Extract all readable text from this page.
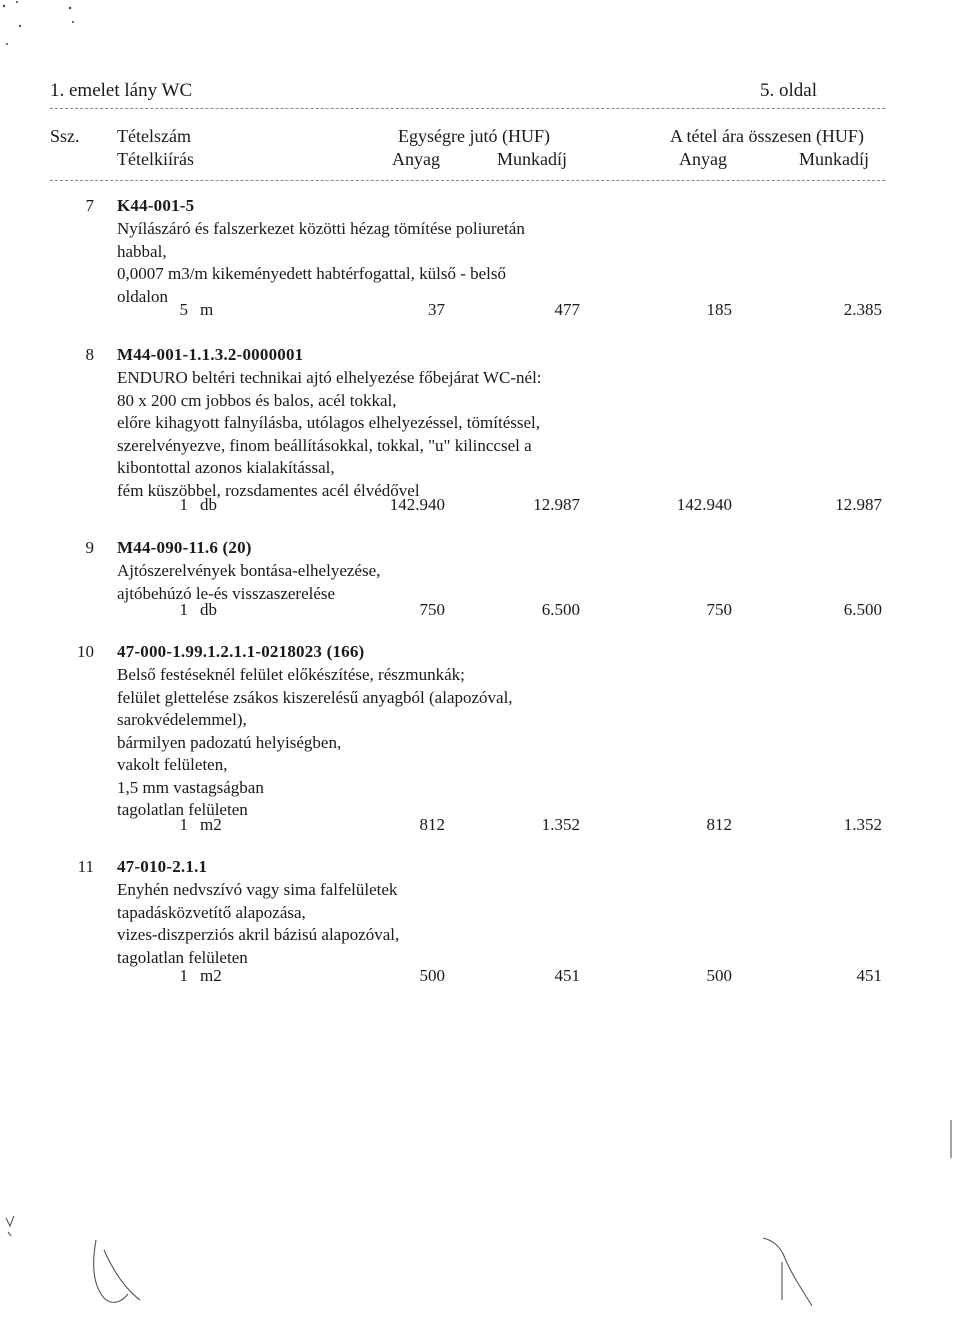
1. emelet lány WC	5. oldal
Ssz. Tételszám
Tételkiírás
Egységre jutó (HUF)
Anyag	Munkadíj
A tétel ára összesen (HUF)
Anyag	Munkadíj
7 K44-001-5
Nyílászáró és falszerkezet közötti hézag tömítése poliuretán
habbal,
0,0007 m3/m kikeményedett habtérfogattal, külső - belső
oldalon
5 m	37	477	185	2.385
8 M44-001-1.1.3.2-0000001
ENDURO beltéri technikai ajtó elhelyezése főbejárat WC-nél:
80 x 200 cm jobbos és balos, acél tokkal,
előre kihagyott falnyílásba, utólagos elhelyezéssel, tömítéssel,
szerelvényezve, finom beállításokkal, tokkal, "u" kilinccsel a
kibontottal azonos kialakítással,
fém küszöbbel, rozsdamentes acél élvédővel
1 db	142.940	12.987	142.940	12.987
9 M44-090-11.6 (20)
Ajtószerelvények bontása-elhelyezése,
ajtóbehúzó le-és visszaszerelése
1 db	750	6.500	750	6.500
10 47-000-1.99.1.2.1.1-0218023 (166)
Belső festéseknél felület előkészítése, részmunkák;
felület glettelése zsákos kiszerelésű anyagból (alapozóval,
sarokvédelemmel),
bármilyen padozatú helyiségben,
vakolt felületen,
1,5 mm vastagságban
tagolatlan felületen
1 m2	812	1.352	812	1.352
11 47-010-2.1.1
Enyhén nedvszívó vagy sima falfelületek
tapadásközvetítő alapozása,
vizes-diszperziós akril bázisú alapozóval,
tagolatlan felületen
1 m2	500	451	500	451
